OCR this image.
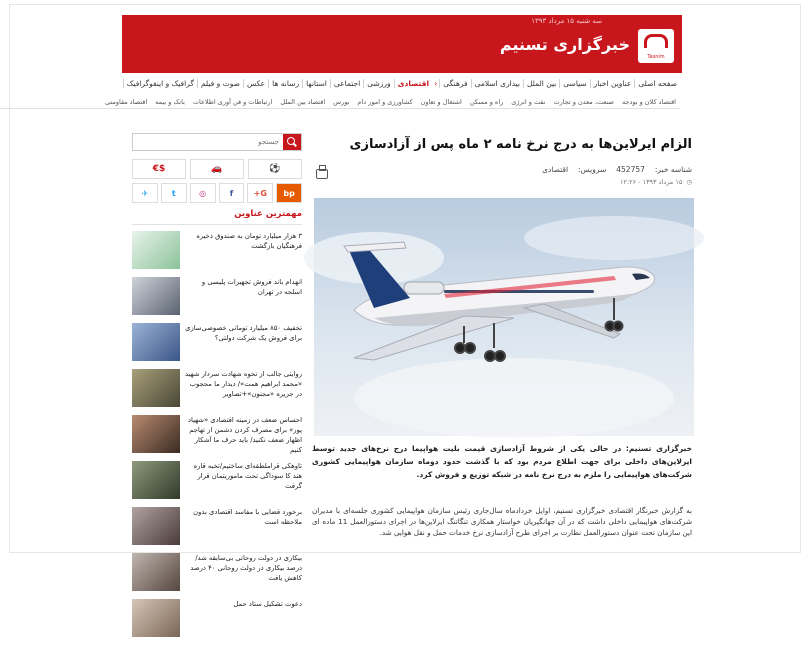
سه شنبه ۱۵ مرداد ۱۳۹۳
Tasnim
خبرگزاری تسنیم
صفحه اصلی
عناوین اخبار
سیاسی
بین الملل
بیداری اسلامی
فرهنگی
‹
اقتصادی
ورزشی
اجتماعی
استانها
رسانه ها
عکس
صوت و فیلم
گرافیک و اینفوگرافیک
اقتصاد کلان و بودجه
صنعت، معدن و تجارت
نفت و انرژی
راه و مسکن
اشتغال و تعاون
کشاورزی و امور دام
بورس
اقتصاد بین الملل
ارتباطات و فن آوری اطلاعات
بانک و بیمه
اقتصاد مقاومتی
الزام ایرلاین‌ها به درج نرخ نامه ۲ ماه پس از آزادسازی
شناسه خبر:
452757
سرویس:
اقتصادی
◷
۱۵ مرداد ۱۳۹۳ - ۱۲:۲۶

خبرگزاری تسنیم: در حالی یکی از شروط آزادسازی قیمت بلیت هواپیما درج نرخ‌های جدید توسط ایرلاین‌های داخلی برای جهت اطلاع مردم بود که با گذشت حدود دوماه سازمان هواپیمایی کشوری شرکت‌های هواپیمایی را ملزم به درج نرخ نامه در شبکه توزیع و فروش کرد.

به گزارش خبرنگار اقتصادی خبرگزاری تسنیم، اوایل خردادماه سال‌جاری رئیس سازمان هواپیمایی کشوری جلسه‌ای با مدیران شرکت‌های هواپیمایی داخلی داشت که در آن جهانگیریان خواستار همکاری تنگاتنگ ایرلاین‌ها در اجرای دستورالعمل 11 ماده ای این سازمان تحت عنوان دستورالعمل نظارت بر اجرای طرح آزادسازی نرخ خدمات حمل و نقل هوایی شد.

جستجو
⚽
🚗
$€
bp
G+
f
◎
t
✈
مهمترین عناوین
۳ هزار میلیارد تومان به صندوق ذخیره فرهنگیان بازگشت
انهدام باند فروش تجهیزات پلیسی و اسلحه در تهران
تخفیف ۸۵۰ میلیارد تومانی خصوصی‌سازی برای فروش یک شرکت دولتی؟
روایتی جالب از نحوه شهادت سردار شهید «محمد ابراهیم همت»/ دیدار ما محجوب در جزیره «مجنون»+تصاویر
احساس ضعف در زمینه اقتصادی «شهیاد پور» برای مصرف کردن دشمن از تهاجم اظهار ضعف نکنید/ باید حرف ما آشکار کنیم
تاوهکی قراملطقه‌ای ساختیم/تخبه قاره هند کا سوداگی تحت ماموریتمان قرار گرفت
برخورد قضایی با مفاسد اقتصادی بدون ملاحظه است
بیکاری در دولت روحانی بی‌سابقه شد/ درصد بیکاری در دولت روحانی ۴۰ درصد کاهش یافت
دعوت تشکیل ستاد حمل
